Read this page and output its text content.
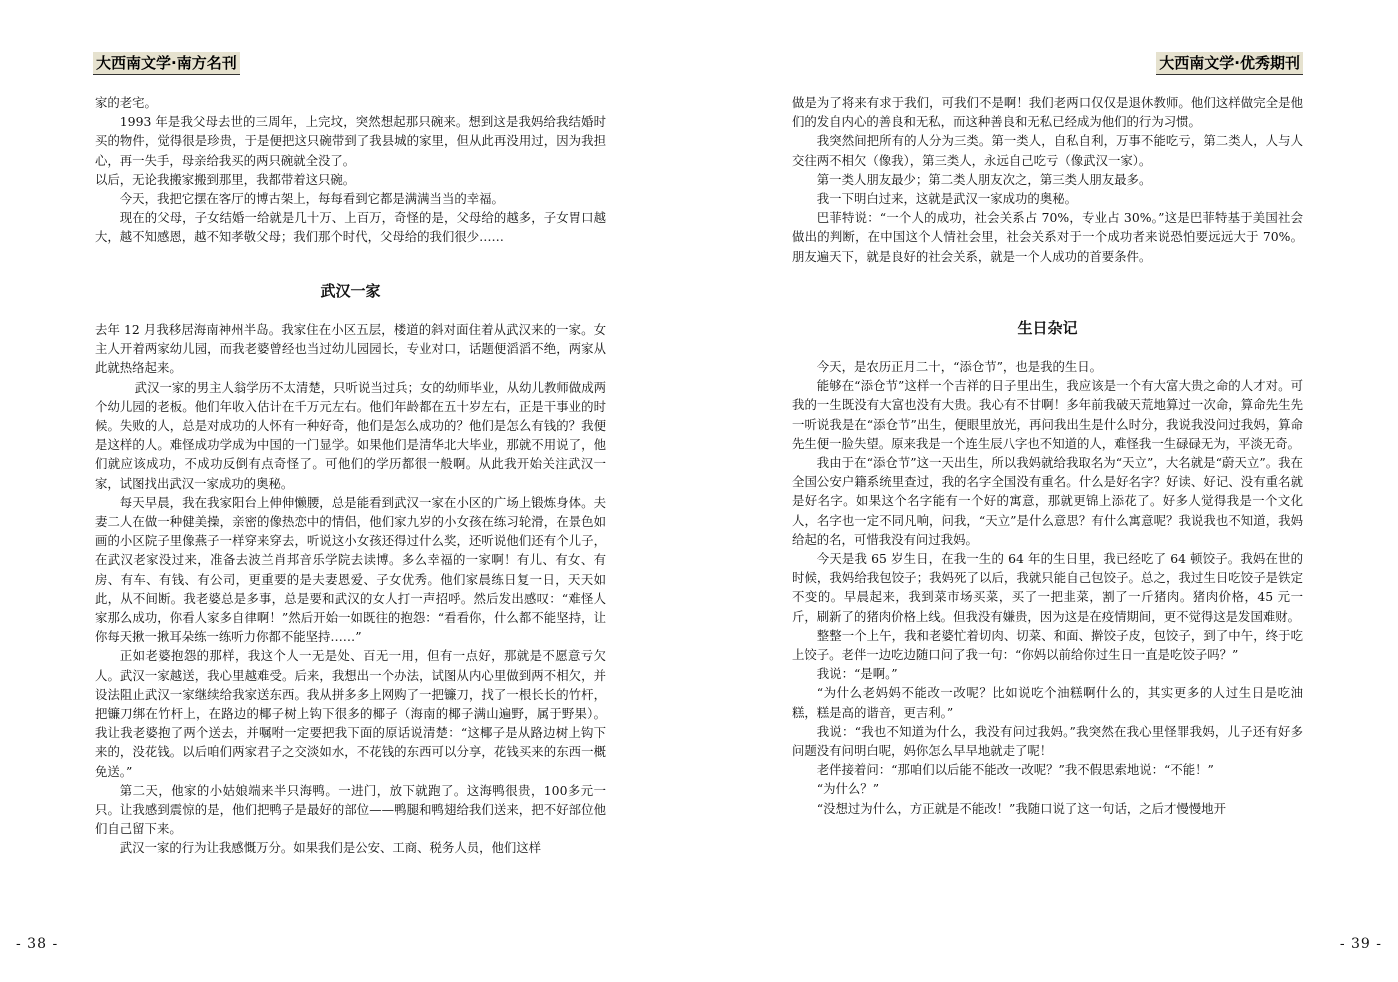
大西南文学·南方名刊

家的老宅。

1993 年是我父母去世的三周年，上完坟，突然想起那只碗来。想到这是我妈给我结婚时买的物件，觉得很是珍贵，于是便把这只碗带到了我县城的家里，但从此再没用过，因为我担心，再一失手，母亲给我买的两只碗就全没了。

以后，无论我搬家搬到那里，我都带着这只碗。

今天，我把它摆在客厅的博古架上，每每看到它都是满满当当的幸福。

现在的父母，子女结婚一给就是几十万、上百万，奇怪的是，父母给的越多，子女胃口越大，越不知感恩，越不知孝敬父母；我们那个时代，父母给的我们很少……

武汉一家

去年 12 月我移居海南神州半岛。我家住在小区五层，楼道的斜对面住着从武汉来的一家。女主人开着两家幼儿园，而我老婆曾经也当过幼儿园园长，专业对口，话题便滔滔不绝，两家从此就热络起来。

武汉一家的男主人翁学历不太清楚，只听说当过兵；女的幼师毕业，从幼儿教师做成两个幼儿园的老板。他们年收入估计在千万元左右。他们年龄都在五十岁左右，正是干事业的时候。失败的人，总是对成功的人怀有一种好奇，他们是怎么成功的？他们是怎么有钱的？我便是这样的人。难怪成功学成为中国的一门显学。如果他们是清华北大毕业，那就不用说了，他们就应该成功，不成功反倒有点奇怪了。可他们的学历都很一般啊。从此我开始关注武汉一家，试图找出武汉一家成功的奥秘。

每天早晨，我在我家阳台上伸伸懒腰，总是能看到武汉一家在小区的广场上锻炼身体。夫妻二人在做一种健美操，亲密的像热恋中的情侣，他们家九岁的小女孩在练习轮滑，在景色如画的小区院子里像燕子一样穿来穿去，听说这小女孩还得过什么奖，还听说他们还有个儿子，在武汉老家没过来，准备去波兰肖邦音乐学院去读博。多么幸福的一家啊！有儿、有女、有房、有车、有钱、有公司，更重要的是夫妻恩爱、子女优秀。他们家晨练日复一日，天天如此，从不间断。我老婆总是多事，总是要和武汉的女人打一声招呼。然后发出感叹：“难怪人家那么成功，你看人家多自律啊！”然后开始一如既往的抱怨：“看看你，什么都不能坚持，让你每天揪一揪耳朵练一练听力你都不能坚持……”

正如老婆抱怨的那样，我这个人一无是处、百无一用，但有一点好，那就是不愿意亏欠人。武汉一家越送，我心里越难受。后来，我想出一个办法，试图从内心里做到两不相欠，并设法阻止武汉一家继续给我家送东西。我从拼多多上网购了一把镰刀，找了一根长长的竹杆，把镰刀绑在竹杆上，在路边的椰子树上钩下很多的椰子（海南的椰子满山遍野，属于野果）。我让我老婆抱了两个送去，并嘱咐一定要把我下面的原话说清楚：“这椰子是从路边树上钩下来的，没花钱。以后咱们两家君子之交淡如水，不花钱的东西可以分享，花钱买来的东西一概免送。”

第二天，他家的小姑娘端来半只海鸭。一进门，放下就跑了。这海鸭很贵，100多元一只。让我感到震惊的是，他们把鸭子是最好的部位——鸭腿和鸭翅给我们送来，把不好部位他们自己留下来。

武汉一家的行为让我感慨万分。如果我们是公安、工商、税务人员，他们这样

- 38 -
大西南文学·优秀期刊

做是为了将来有求于我们，可我们不是啊！我们老两口仅仅是退休教师。他们这样做完全是他们的发自内心的善良和无私，而这种善良和无私已经成为他们的行为习惯。

我突然间把所有的人分为三类。第一类人，自私自利，万事不能吃亏，第二类人，人与人交往两不相欠（像我），第三类人，永远自己吃亏（像武汉一家）。

第一类人朋友最少；第二类人朋友次之，第三类人朋友最多。

我一下明白过来，这就是武汉一家成功的奥秘。

巴菲特说：“一个人的成功，社会关系占 70%，专业占 30%。”这是巴菲特基于美国社会做出的判断，在中国这个人情社会里，社会关系对于一个成功者来说恐怕要远远大于 70%。朋友遍天下，就是良好的社会关系，就是一个人成功的首要条件。

生日杂记

今天，是农历正月二十，“添仓节”，也是我的生日。

能够在“添仓节”这样一个吉祥的日子里出生，我应该是一个有大富大贵之命的人才对。可我的一生既没有大富也没有大贵。我心有不甘啊！多年前我破天荒地算过一次命，算命先生先一听说我是在“添仓节”出生，便眼里放光，再问我出生是什么时分，我说我没问过我妈，算命先生便一脸失望。原来我是一个连生辰八字也不知道的人，难怪我一生碌碌无为，平淡无奇。

我由于在“添仓节”这一天出生，所以我妈就给我取名为“天立”，大名就是“蔚天立”。我在全国公安户籍系统里查过，我的名字全国没有重名。什么是好名字？好读、好记、没有重名就是好名字。如果这个名字能有一个好的寓意，那就更锦上添花了。好多人觉得我是一个文化人，名字也一定不同凡响，问我，“天立”是什么意思？有什么寓意呢？我说我也不知道，我妈给起的名，可惜我没有问过我妈。

今天是我 65 岁生日，在我一生的 64 年的生日里，我已经吃了 64 顿饺子。我妈在世的时候，我妈给我包饺子；我妈死了以后，我就只能自己包饺子。总之，我过生日吃饺子是铁定不变的。早晨起来，我到菜市场买菜，买了一把韭菜，割了一斤猪肉。猪肉价格，45 元一斤，刷新了的猪肉价格上线。但我没有嫌贵，因为这是在疫情期间，更不觉得这是发国难财。

整整一个上午，我和老婆忙着切肉、切菜、和面、擀饺子皮，包饺子，到了中午，终于吃上饺子。老伴一边吃边随口问了我一句：“你妈以前给你过生日一直是吃饺子吗？”

我说：“是啊。”

“为什么老妈妈不能改一改呢？比如说吃个油糕啊什么的，其实更多的人过生日是吃油糕，糕是高的谐音，更吉利。”

我说：“我也不知道为什么，我没有问过我妈。”我突然在我心里怪罪我妈，儿子还有好多问题没有问明白呢，妈你怎么早早地就走了呢！

老伴接着问：“那咱们以后能不能改一改呢？”我不假思索地说：“不能！”

“为什么？”

“没想过为什么，方正就是不能改！”我随口说了这一句话，之后才慢慢地开

- 39 -
